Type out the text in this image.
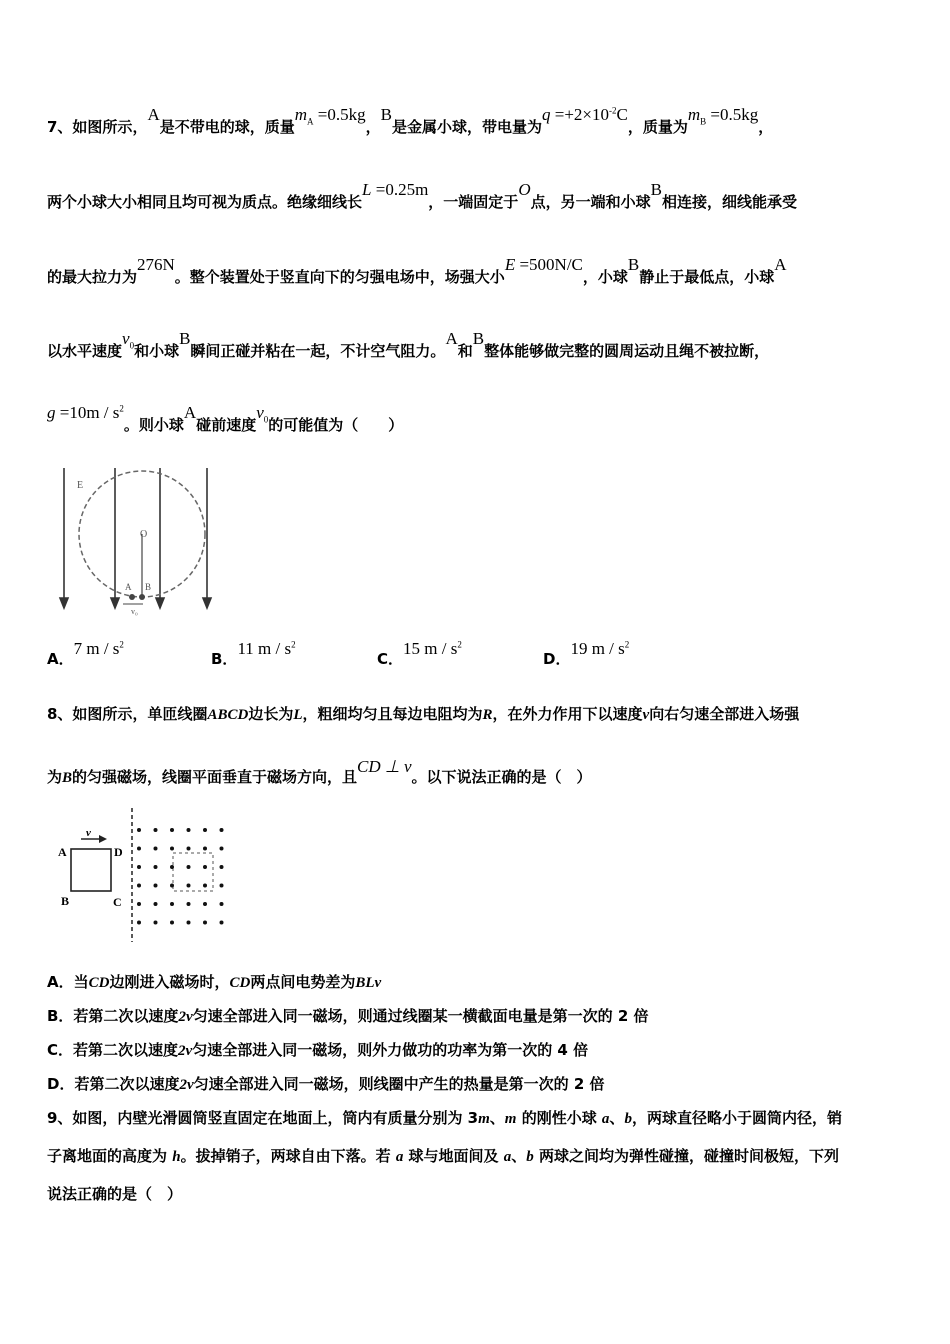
7、如图所示，A是不带电的球，质量$m_A =0.5kg$，B是金属小球，带电量为$q =+2\times 10^{-2}C$，质量为$m_B =0.5kg$，
两个小球大小相同且均可视为质点。绝缘细线长L =0.25m，一端固定于O点，另一端和小球B相连接，细线能承受
的最大拉力为276N。整个装置处于竖直向下的匀强电场中，场强大小E =500N/C，小球B静止于最低点，小球A
以水平速度$v_0$和小球B瞬间正碰并粘在一起，不计空气阻力。A和B整体能够做完整的圆周运动且绳不被拉断，
$g =10m / s^2$。则小球A碰前速度$v_0$的可能值为（　　）
E
O
A B
v₀
A．7 m / $s^2$
B．11 m / $s^2$
C．15 m / $s^2$
D．19 m / $s^2$
8、如图所示，单匝线圈ABCD边长为L，粗细均匀且每边电阻均为R，在外力作用下以速度v向右匀速全部进入场强
为B的匀强磁场，线圈平面垂直于磁场方向，且CD ⊥ v。以下说法正确的是（　）
v
A
B	C
D
A．当CD边刚进入磁场时，CD两点间电势差为BLv
B．若第二次以速度2v匀速全部进入同一磁场，则通过线圈某一横截面电量是第一次的 2 倍
C．若第二次以速度2v匀速全部进入同一磁场，则外力做功的功率为第一次的 4 倍
D．若第二次以速度2v匀速全部进入同一磁场，则线圈中产生的热量是第一次的 2 倍
9、如图，内壁光滑圆筒竖直固定在地面上，筒内有质量分别为 3m、m 的刚性小球 a、b，两球直径略小于圆筒内径，销
子离地面的高度为 h。拔掉销子，两球自由下落。若 a 球与地面间及 a、b 两球之间均为弹性碰撞，碰撞时间极短，下列
说法正确的是（　）
